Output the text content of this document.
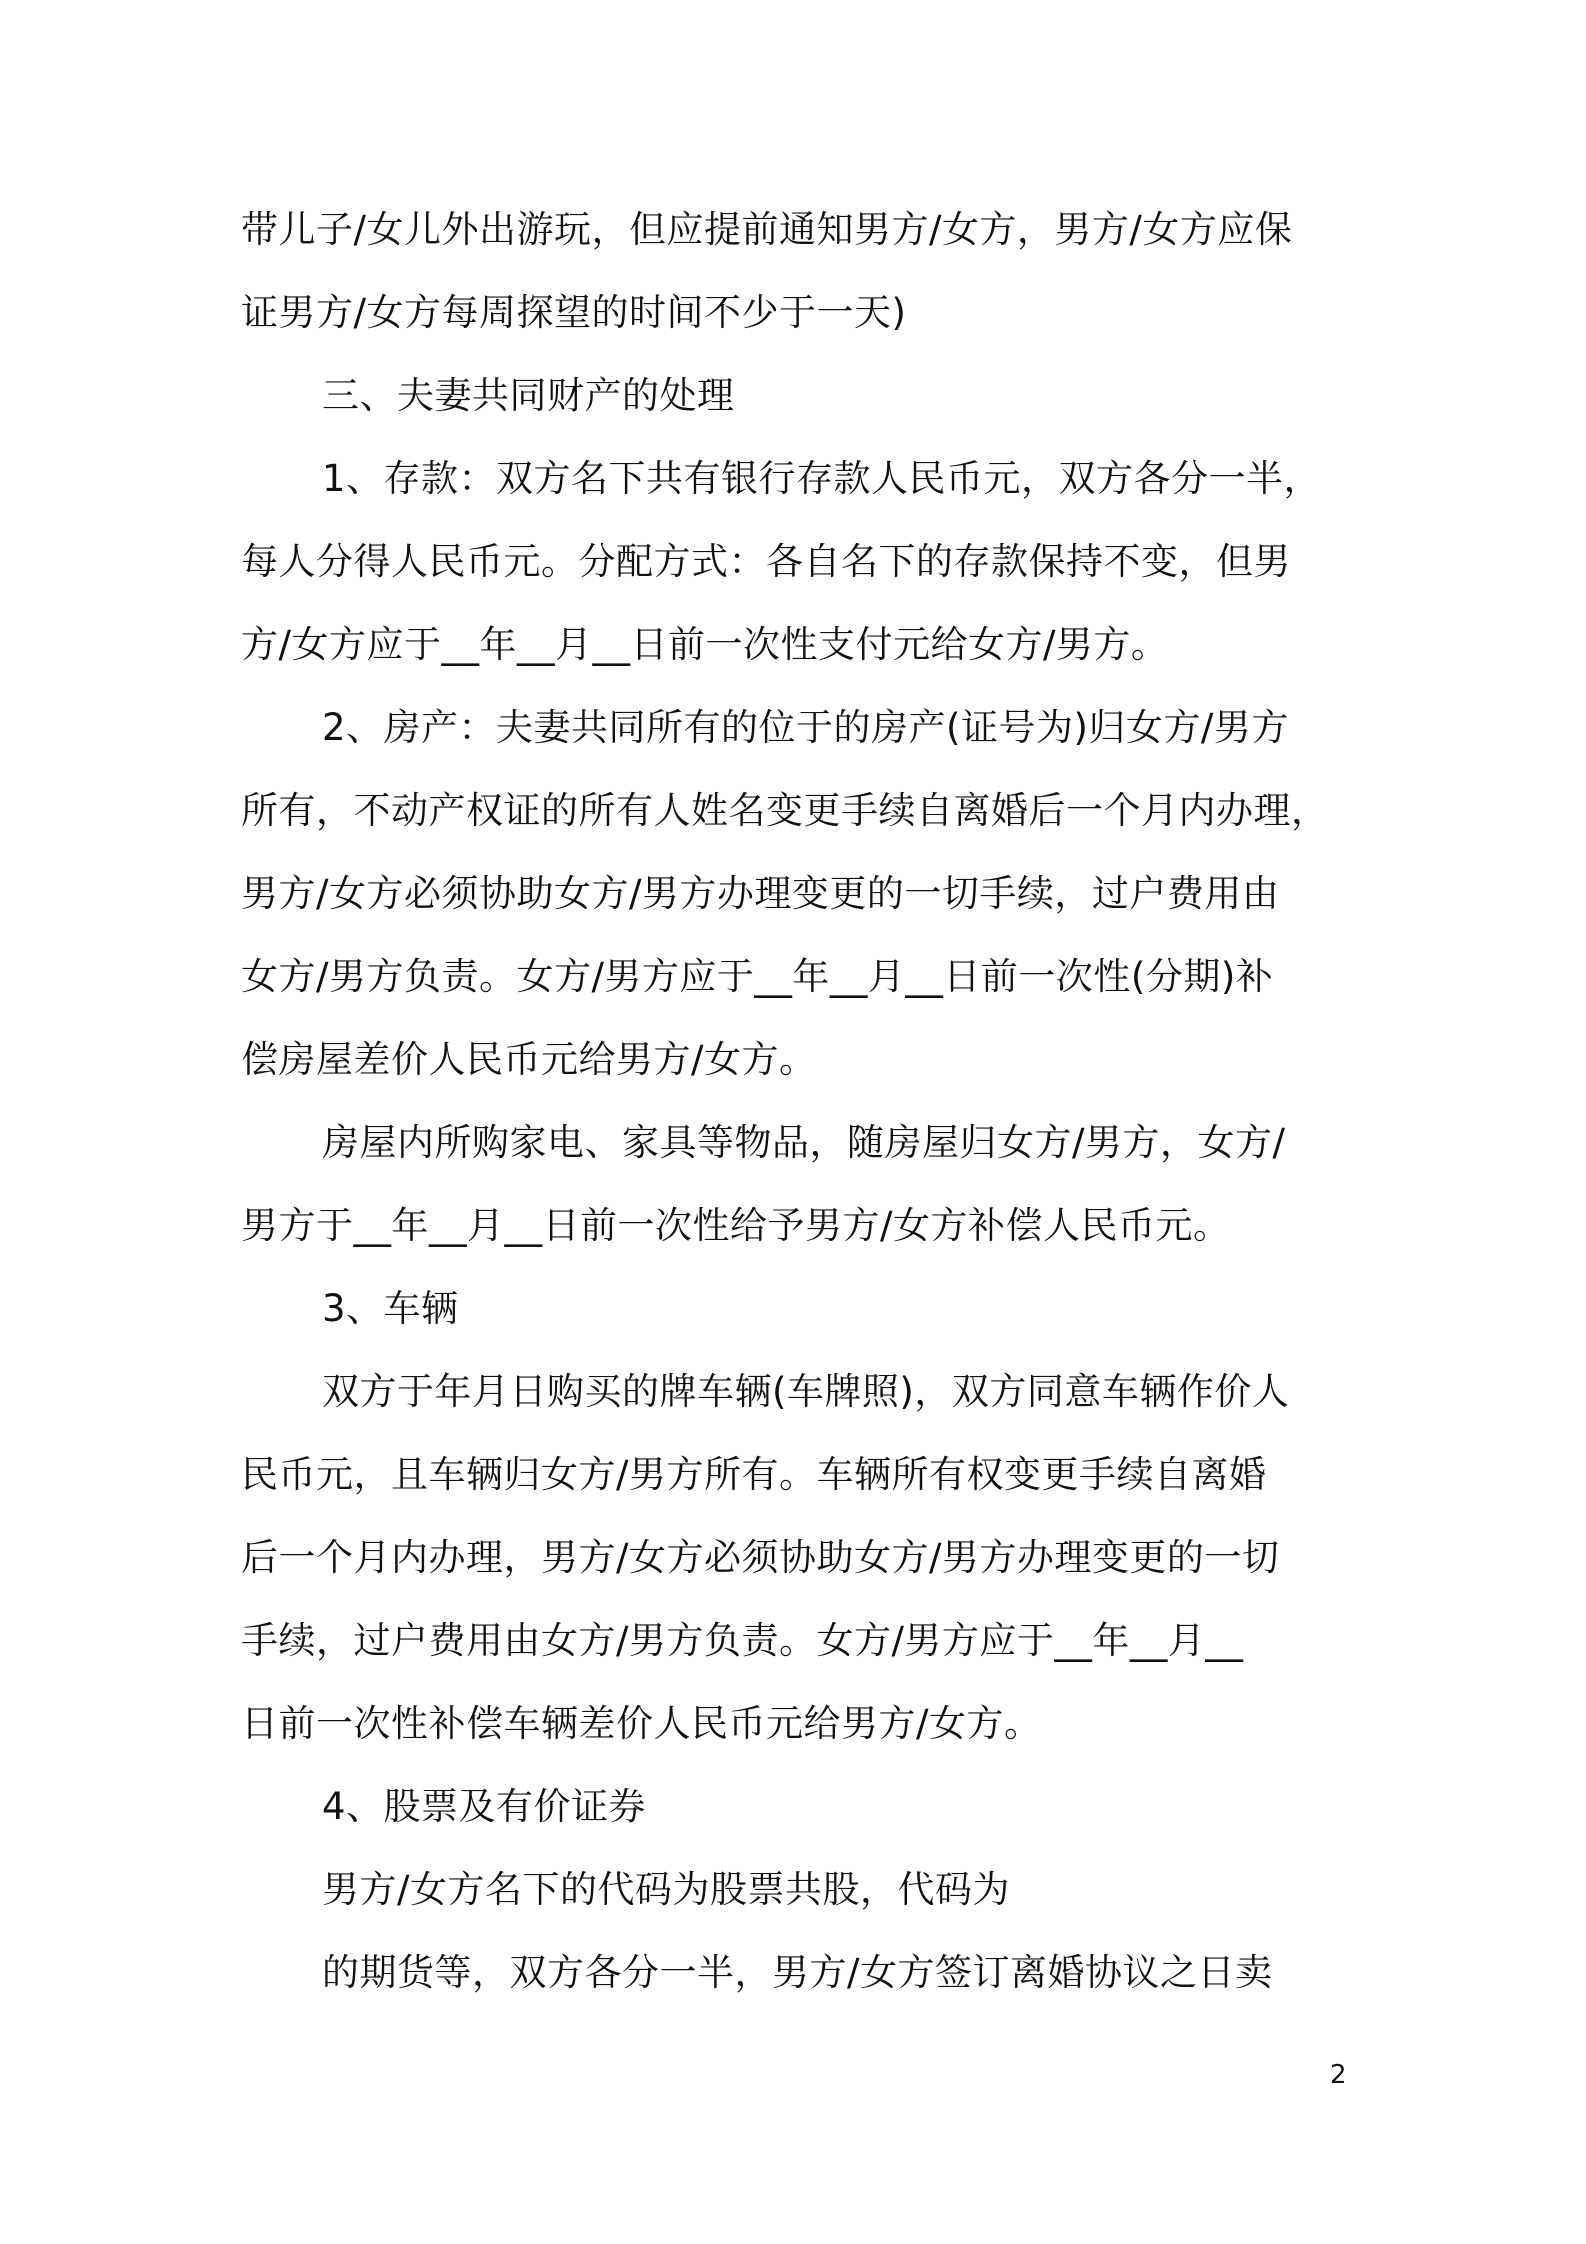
带儿子/女儿外出游玩，但应提前通知男方/女方，男方/女方应保
证男方/女方每周探望的时间不少于一天)
三、夫妻共同财产的处理
1、存款：双方名下共有银行存款人民币元，双方各分一半，
每人分得人民币元。分配方式：各自名下的存款保持不变，但男
方/女方应于__年__月__日前一次性支付元给女方/男方。
2、房产：夫妻共同所有的位于的房产(证号为)归女方/男方
所有，不动产权证的所有人姓名变更手续自离婚后一个月内办理，
男方/女方必须协助女方/男方办理变更的一切手续，过户费用由
女方/男方负责。女方/男方应于__年__月__日前一次性(分期)补
偿房屋差价人民币元给男方/女方。
房屋内所购家电、家具等物品，随房屋归女方/男方，女方/
男方于__年__月__日前一次性给予男方/女方补偿人民币元。
3、车辆
双方于年月日购买的牌车辆(车牌照)，双方同意车辆作价人
民币元，且车辆归女方/男方所有。车辆所有权变更手续自离婚
后一个月内办理，男方/女方必须协助女方/男方办理变更的一切
手续，过户费用由女方/男方负责。女方/男方应于__年__月__
日前一次性补偿车辆差价人民币元给男方/女方。
4、股票及有价证券
男方/女方名下的代码为股票共股，代码为
的期货等，双方各分一半，男方/女方签订离婚协议之日卖
2
